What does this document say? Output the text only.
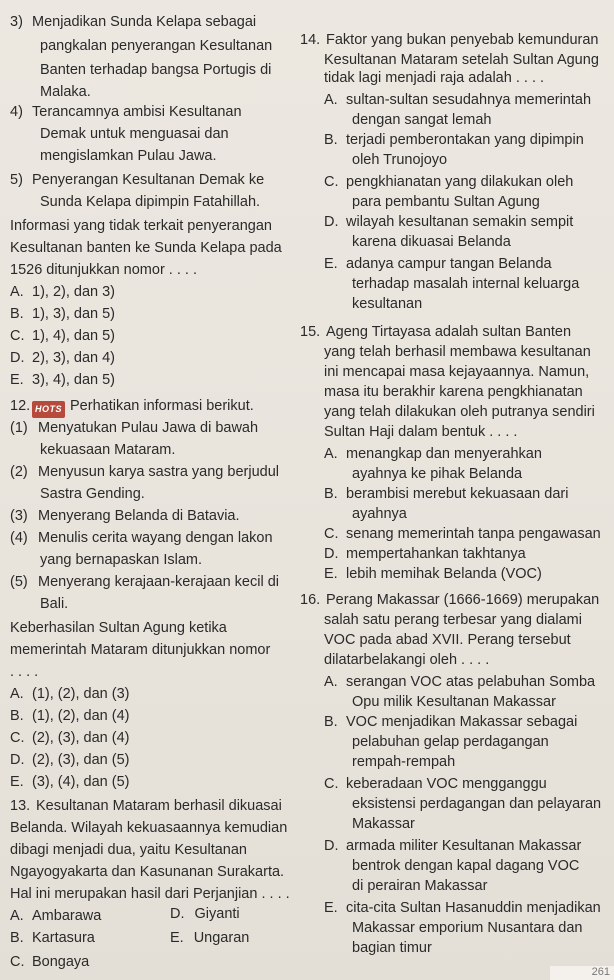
3) Menjadikan Sunda Kelapa sebagai
pangkalan penyerangan Kesultanan
Banten terhadap bangsa Portugis di
Malaka.
4) Terancamnya ambisi Kesultanan
Demak untuk menguasai dan
mengislamkan Pulau Jawa.
5) Penyerangan Kesultanan Demak ke
Sunda Kelapa dipimpin Fatahillah.
Informasi yang tidak terkait penyerangan
Kesultanan banten ke Sunda Kelapa pada
1526 ditunjukkan nomor . . . .
A. 1), 2), dan 3)
B. 1), 3), dan 5)
C. 1), 4), dan 5)
D. 2), 3), dan 4)
E. 3), 4), dan 5)
12. HOTS Perhatikan informasi berikut.
(1) Menyatukan Pulau Jawa di bawah
kekuasaan Mataram.
(2) Menyusun karya sastra yang berjudul
Sastra Gending.
(3) Menyerang Belanda di Batavia.
(4) Menulis cerita wayang dengan lakon
yang bernapaskan Islam.
(5) Menyerang kerajaan-kerajaan kecil di
Bali.
Keberhasilan Sultan Agung ketika
memerintah Mataram ditunjukkan nomor
. . . .
A. (1), (2), dan (3)
B. (1), (2), dan (4)
C. (2), (3), dan (4)
D. (2), (3), dan (5)
E. (3), (4), dan (5)
13. Kesultanan Mataram berhasil dikuasai
Belanda. Wilayah kekuasaannya kemudian
dibagi menjadi dua, yaitu Kesultanan
Ngayogyakarta dan Kasunanan Surakarta.
Hal ini merupakan hasil dari Perjanjian . . . .
A. Ambarawa
B. Kartasura
C. Bongaya
D. Giyanti
E. Ungaran
14. Faktor yang bukan penyebab kemunduran
Kesultanan Mataram setelah Sultan Agung
tidak lagi menjadi raja adalah . . . .
A. sultan-sultan sesudahnya memerintah
dengan sangat lemah
B. terjadi pemberontakan yang dipimpin
oleh Trunojoyo
C. pengkhianatan yang dilakukan oleh
para pembantu Sultan Agung
D. wilayah kesultanan semakin sempit
karena dikuasai Belanda
E. adanya campur tangan Belanda
terhadap masalah internal keluarga
kesultanan
15. Ageng Tirtayasa adalah sultan Banten
yang telah berhasil membawa kesultanan
ini mencapai masa kejayaannya. Namun,
masa itu berakhir karena pengkhianatan
yang telah dilakukan oleh putranya sendiri
Sultan Haji dalam bentuk . . . .
A. menangkap dan menyerahkan
ayahnya ke pihak Belanda
B. berambisi merebut kekuasaan dari
ayahnya
C. senang memerintah tanpa pengawasan
D. mempertahankan takhtanya
E. lebih memihak Belanda (VOC)
16. Perang Makassar (1666-1669) merupakan
salah satu perang terbesar yang dialami
VOC pada abad XVII. Perang tersebut
dilatarbelakangi oleh . . . .
A. serangan VOC atas pelabuhan Somba
Opu milik Kesultanan Makassar
B. VOC menjadikan Makassar sebagai
pelabuhan gelap perdagangan
rempah-rempah
C. keberadaan VOC mengganggu
eksistensi perdagangan dan pelayaran
Makassar
D. armada militer Kesultanan Makassar
bentrok dengan kapal dagang VOC
di perairan Makassar
E. cita-cita Sultan Hasanuddin menjadikan
Makassar emporium Nusantara dan
bagian timur
261
